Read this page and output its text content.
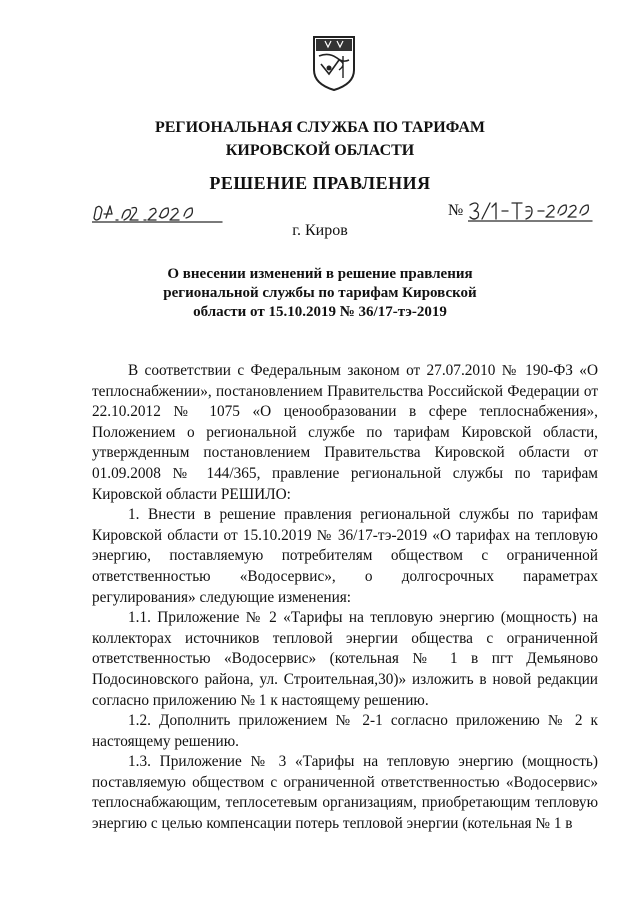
РЕГИОНАЛЬНАЯ СЛУЖБА ПО ТАРИФАМ
КИРОВСКОЙ ОБЛАСТИ
РЕШЕНИЕ ПРАВЛЕНИЯ
№
г. Киров
О внесении изменений в решение правления
региональной службы по тарифам Кировской
области от 15.10.2019 № 36/17-тэ-2019

В соответствии с Федеральным законом от 27.07.2010 № 190-ФЗ «О теплоснабжении», постановлением Правительства Российской Федерации от 22.10.2012 № 1075 «О ценообразовании в сфере теплоснабжения», Положением о региональной службе по тарифам Кировской области, утвержденным постановлением Правительства Кировской области от 01.09.2008 № 144/365, правление региональной службы по тарифам Кировской области РЕШИЛО:

1. Внести в решение правления региональной службы по тарифам Кировской области от 15.10.2019 № 36/17-тэ-2019 «О тарифах на тепловую энергию, поставляемую потребителям обществом с ограниченной ответственностью «Водосервис», о долгосрочных параметрах регулирования» следующие изменения:

1.1. Приложение № 2 «Тарифы на тепловую энергию (мощность) на коллекторах источников тепловой энергии общества с ограниченной ответственностью «Водосервис» (котельная № 1 в пгт Демьяново Подосиновского района, ул. Строительная,30)» изложить в новой редакции согласно приложению № 1 к настоящему решению.

1.2. Дополнить приложением № 2-1 согласно приложению № 2 к настоящему решению.

1.3. Приложение № 3 «Тарифы на тепловую энергию (мощность) поставляемую обществом с ограниченной ответственностью «Водосервис» теплоснабжающим, теплосетевым организациям, приобретающим тепловую энергию с целью компенсации потерь тепловой энергии (котельная № 1 в
